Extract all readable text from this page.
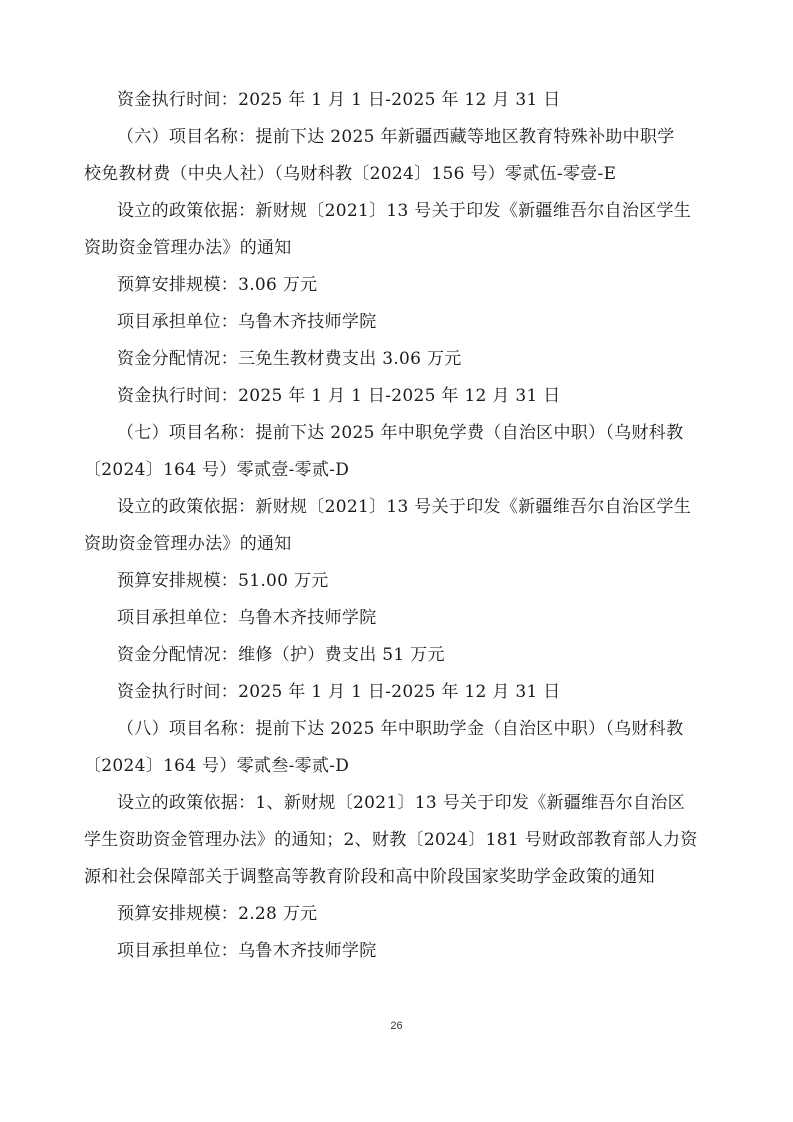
资金执行时间：2025 年 1 月 1 日-2025 年 12 月 31 日
（六）项目名称：提前下达 2025 年新疆西藏等地区教育特殊补助中职学
校免教材费（中央人社）（乌财科教〔2024〕156 号）零贰伍-零壹-E
设立的政策依据：新财规〔2021〕13 号关于印发《新疆维吾尔自治区学生
资助资金管理办法》的通知
预算安排规模：3.06 万元
项目承担单位：乌鲁木齐技师学院
资金分配情况：三免生教材费支出 3.06 万元
资金执行时间：2025 年 1 月 1 日-2025 年 12 月 31 日
（七）项目名称：提前下达 2025 年中职免学费（自治区中职）（乌财科教
〔2024〕164 号）零贰壹-零贰-D
设立的政策依据：新财规〔2021〕13 号关于印发《新疆维吾尔自治区学生
资助资金管理办法》的通知
预算安排规模：51.00 万元
项目承担单位：乌鲁木齐技师学院
资金分配情况：维修（护）费支出 51 万元
资金执行时间：2025 年 1 月 1 日-2025 年 12 月 31 日
（八）项目名称：提前下达 2025 年中职助学金（自治区中职）（乌财科教
〔2024〕164 号）零贰叁-零贰-D
设立的政策依据：1、新财规〔2021〕13 号关于印发《新疆维吾尔自治区
学生资助资金管理办法》的通知；2、财教〔2024〕181 号财政部教育部人力资
源和社会保障部关于调整高等教育阶段和高中阶段国家奖助学金政策的通知
预算安排规模：2.28 万元
项目承担单位：乌鲁木齐技师学院
26
